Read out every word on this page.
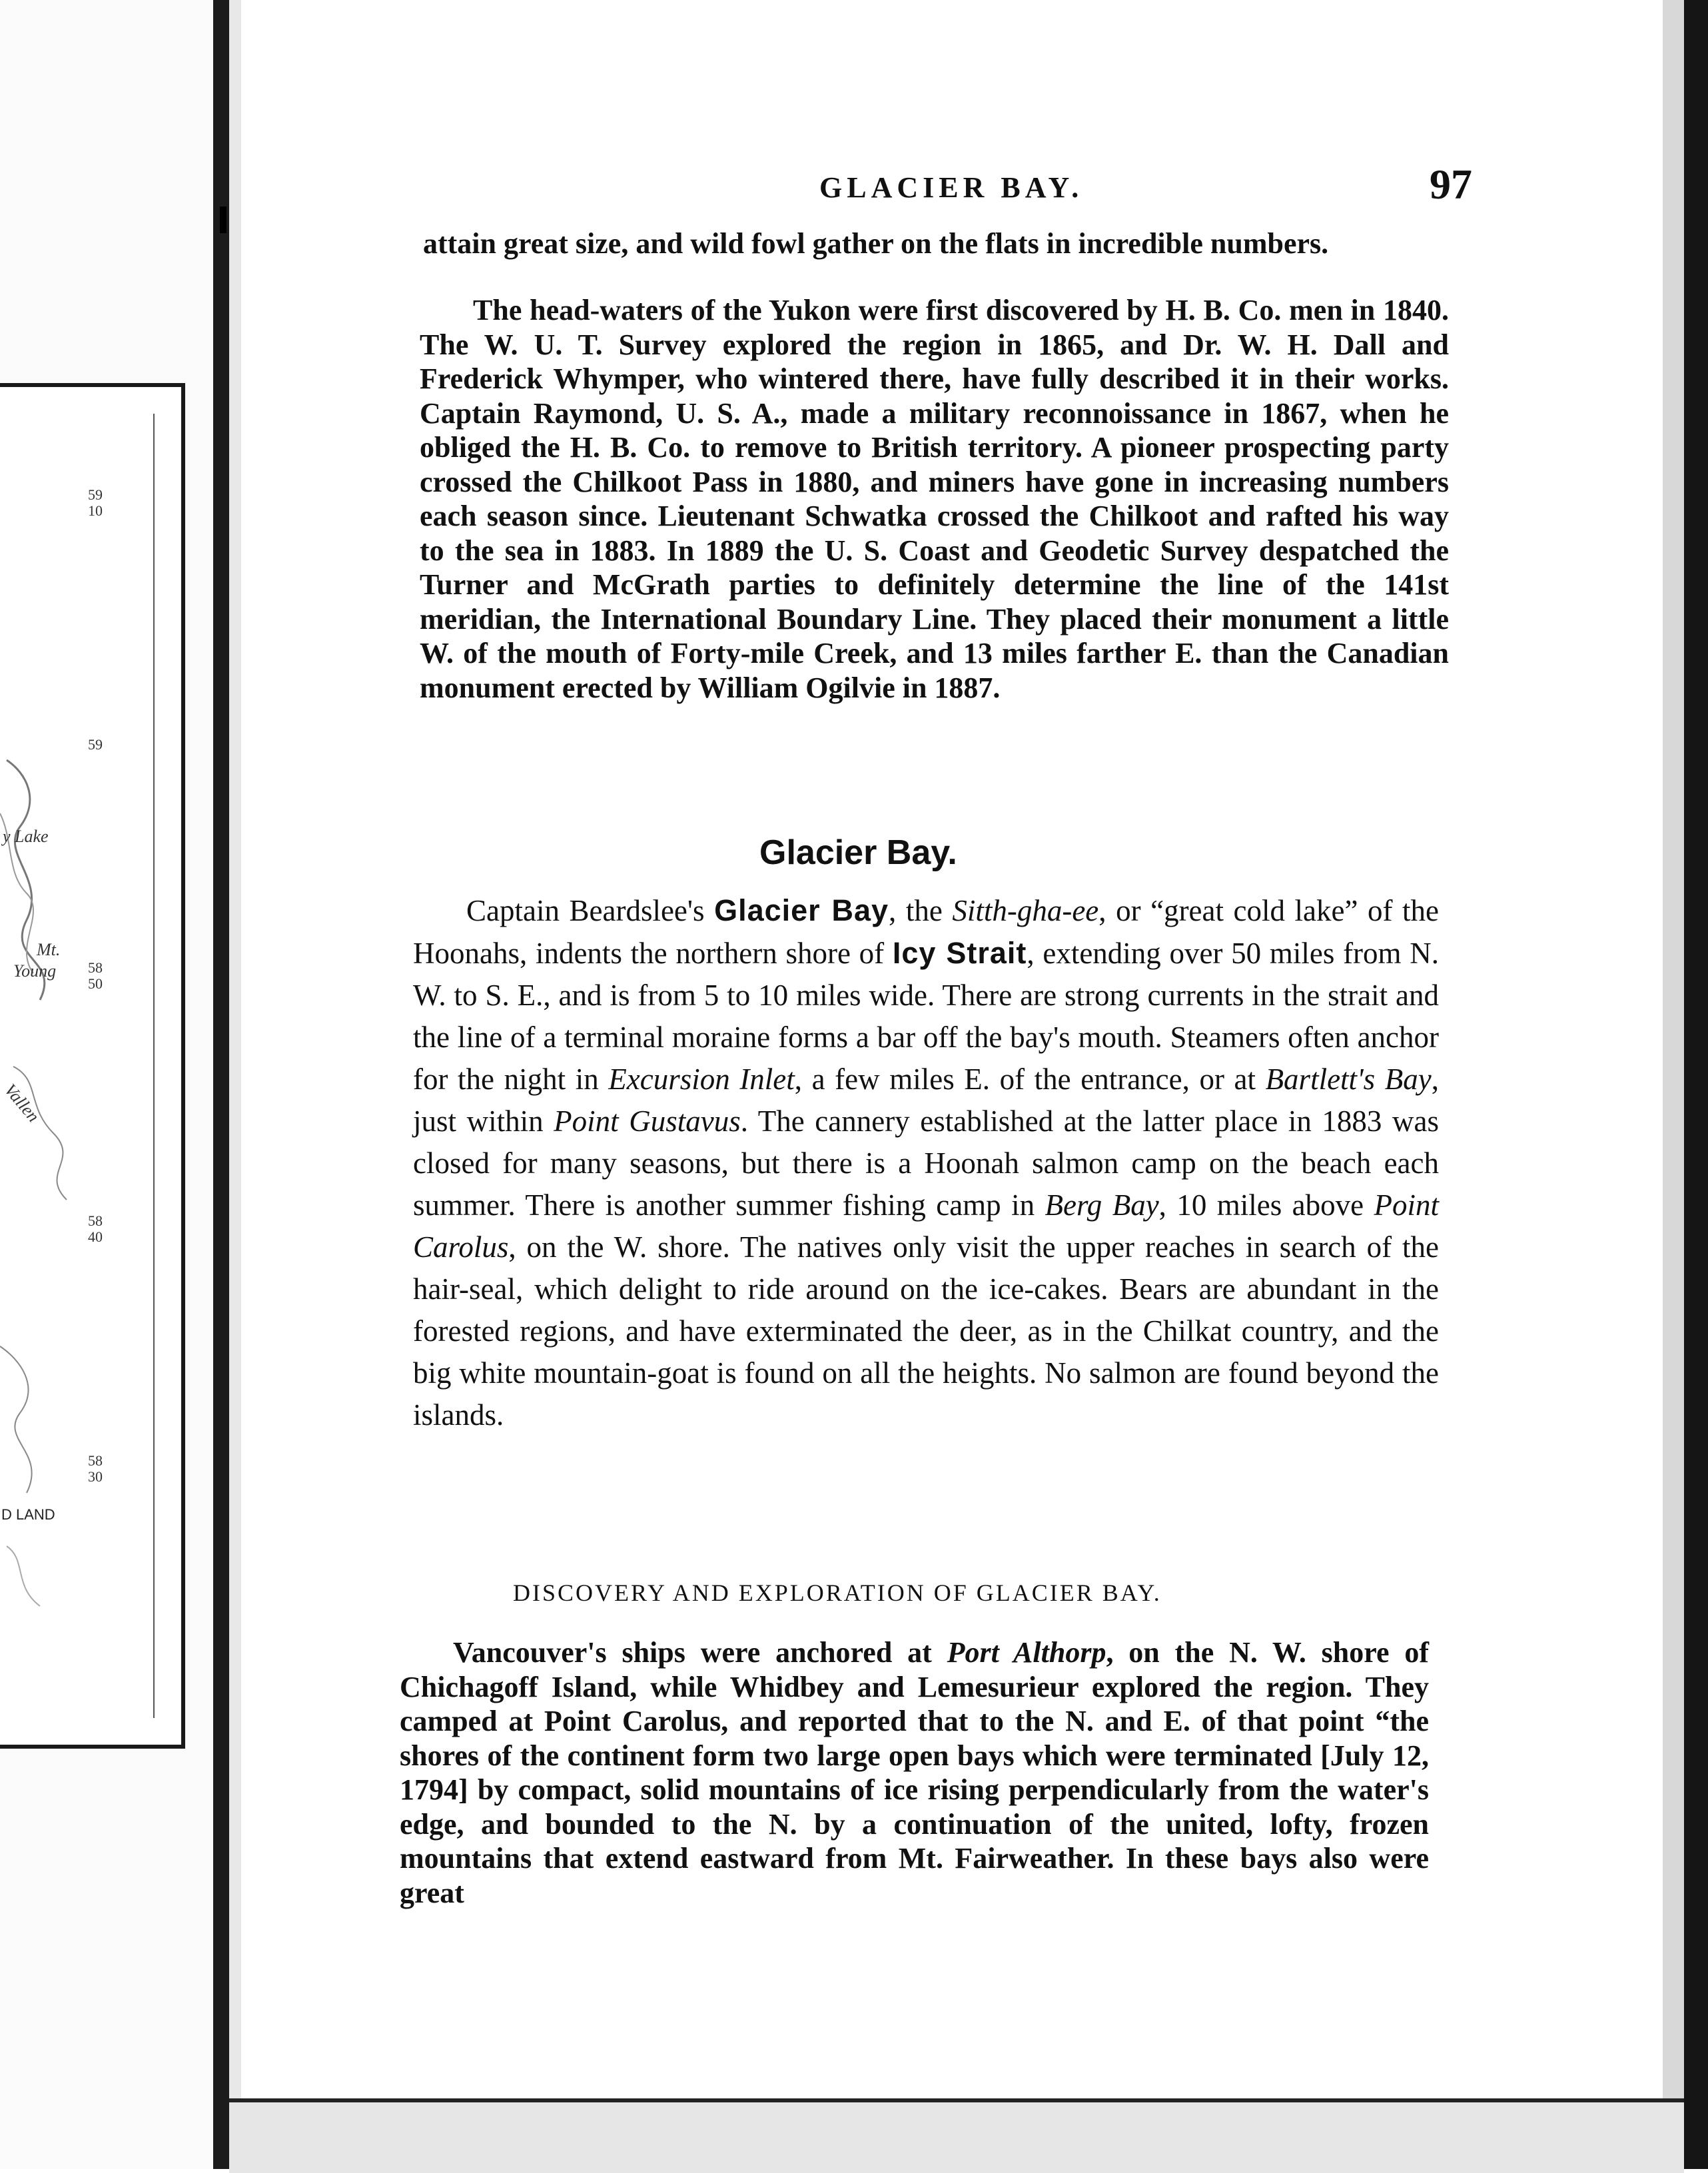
59
10
59
y Lake
Mt.
Young 58
50
Vallen
58
40
58
30
D LAND
GLACIER BAY.	97

attain great size, and wild fowl gather on the flats in incredible numbers.

The head-waters of the Yukon were first discovered by H. B. Co. men in 1840. The W. U. T. Survey explored the region in 1865, and Dr. W. H. Dall and Frederick Whymper, who wintered there, have fully described it in their works. Captain Raymond, U. S. A., made a military reconnoissance in 1867, when he obliged the H. B. Co. to remove to British territory. A pioneer prospecting party crossed the Chilkoot Pass in 1880, and miners have gone in increasing numbers each season since. Lieutenant Schwatka crossed the Chilkoot and rafted his way to the sea in 1883. In 1889 the U. S. Coast and Geodetic Survey despatched the Turner and McGrath parties to definitely determine the line of the 141st meridian, the International Boundary Line. They placed their monument a little W. of the mouth of Forty-mile Creek, and 13 miles farther E. than the Canadian monument erected by William Ogilvie in 1887.

Glacier Bay.

Captain Beardslee's Glacier Bay, the Sitth-gha-ee, or “great cold lake” of the Hoonahs, indents the northern shore of Icy Strait, extending over 50 miles from N. W. to S. E., and is from 5 to 10 miles wide. There are strong currents in the strait and the line of a terminal moraine forms a bar off the bay's mouth. Steamers often anchor for the night in Excursion Inlet, a few miles E. of the entrance, or at Bartlett's Bay, just within Point Gustavus. The cannery established at the latter place in 1883 was closed for many seasons, but there is a Hoonah salmon camp on the beach each summer. There is another summer fishing camp in Berg Bay, 10 miles above Point Carolus, on the W. shore. The natives only visit the upper reaches in search of the hair-seal, which delight to ride around on the ice-cakes. Bears are abundant in the forested regions, and have exterminated the deer, as in the Chilkat country, and the big white mountain-goat is found on all the heights. No salmon are found beyond the islands.

DISCOVERY AND EXPLORATION OF GLACIER BAY.

Vancouver's ships were anchored at Port Althorp, on the N. W. shore of Chichagoff Island, while Whidbey and Lemesurieur explored the region. They camped at Point Carolus, and reported that to the N. and E. of that point “the shores of the continent form two large open bays which were terminated [July 12, 1794] by compact, solid mountains of ice rising perpendicularly from the water's edge, and bounded to the N. by a continuation of the united, lofty, frozen mountains that extend eastward from Mt. Fairweather. In these bays also were great
